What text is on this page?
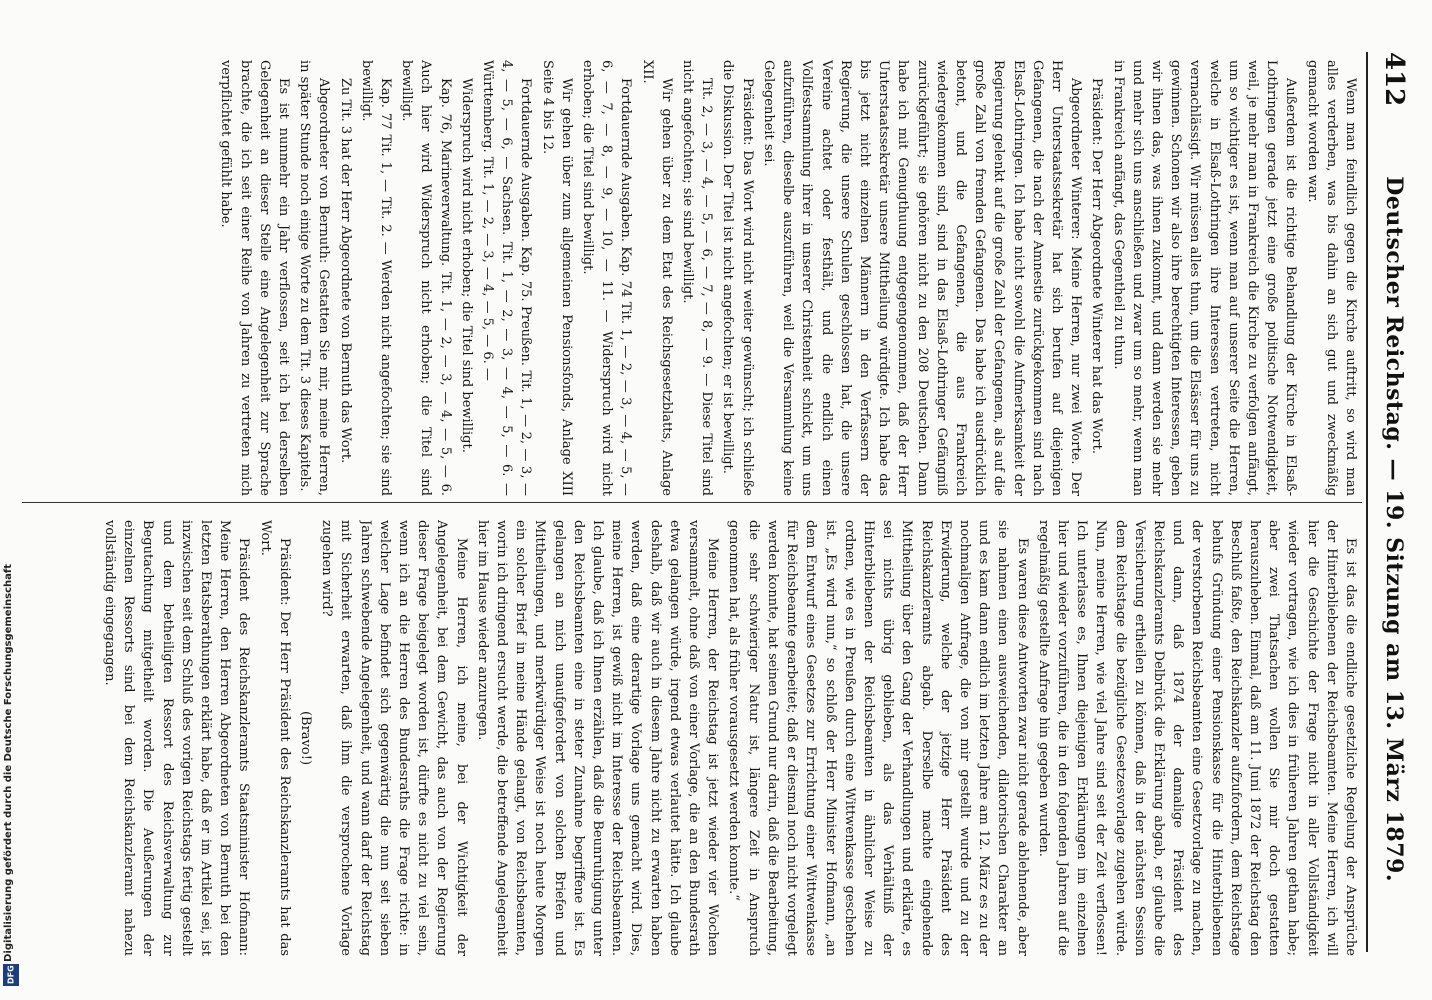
412
Deutscher Reichstag. — 19. Sitzung am 13. März 1879.

Wenn man feindlich gegen die Kirche auftritt, so wird man alles verderben, was bis dahin an sich gut und zweckmäßig gemacht worden war.

Außerdem ist die richtige Behandlung der Kirche in Elsaß-Lothringen gerade jetzt eine große politische Notwendigkeit, weil, je mehr man in Frankreich die Kirche zu verfolgen anfängt, um so wichtiger es ist, wenn man auf unserer Seite die Herren, welche in Elsaß-Lothringen ihre Interessen vertreten, nicht vernachlässigt. Wir müssen alles thun, um die Elsässer für uns zu gewinnen. Schonen wir also ihre berechtigten Interessen, geben wir ihnen das, was ihnen zukommt, und dann werden sie mehr und mehr sich uns anschließen und zwar um so mehr, wenn man in Frankreich anfängt, das Gegentheil zu thun.

Präsident: Der Herr Abgeordnete Winterer hat das Wort.

Abgeordneter Winterer: Meine Herren, nur zwei Worte. Der Herr Unterstaatssekretär hat sich berufen auf diejenigen Gefangenen, die nach der Amnestie zurückgekommen sind nach Elsaß-Lothringen. Ich habe nicht sowohl die Aufmerksamkeit der Regierung gelenkt auf die große Zahl der Gefangenen, als auf die große Zahl von fremden Gefangenen. Das habe ich ausdrücklich betont, und die Gefangenen, die aus Frankreich wiedergekommen sind, sind in das Elsaß-Lothringer Gefängniß zurückgeführt; sie gehören nicht zu den 208 Deutschen. Dann habe ich mit Genugthuung entgegengenommen, daß der Herr Unterstaatssekretär unsere Mittheilung würdigte. Ich habe das bis jetzt nicht einzelnen Männern in den Verfassern der Regierung, die unsere Schulen geschlossen hat, die unsere Vereine achtet oder festhält, und die endlich einen Vollfestsammlung ihrer in unserer Christenheit schickt, um uns aufzuführen, dieselbe auszuführen, weil die Versammlung keine Gelegenheit sei.

Präsident: Das Wort wird nicht weiter gewünscht; ich schließe die Diskussion. Der Titel ist nicht angefochten; er ist bewilligt.

Tit. 2, — 3, — 4, — 5, — 6, — 7, — 8, — 9. — Diese Titel sind nicht angefochten; sie sind bewilligt.

Wir gehen über zu dem Etat des Reichsgesetzblatts, Anlage XII.

Fortdauernde Ausgaben. Kap. 74 Tit. 1, — 2, — 3, — 4, — 5, — 6, — 7, — 8, — 9, — 10, — 11. — Widerspruch wird nicht erhoben; die Titel sind bewilligt.

Wir gehen über zum allgemeinen Pensionsfonds, Anlage XIII Seite 4 bis 12.

Fortdauernde Ausgaben. Kap. 75. Preußen. Tit. 1, — 2, — 3, — 4, — 5, — 6, — Sachsen. Tit. 1, — 2, — 3, — 4, — 5, — 6. — Württemberg. Tit. 1, — 2, — 3, — 4, — 5, — 6. —

Widerspruch wird nicht erhoben; die Titel sind bewilligt.

Kap. 76, Marineverwaltung. Tit. 1, — 2, — 3, — 4, — 5, — 6. Auch hier wird Widerspruch nicht erhoben; die Titel sind bewilligt.

Kap. 77 Tit. 1, — Tit. 2. — Werden nicht angefochten; sie sind bewilligt.

Zu Tit. 3 hat der Herr Abgeordnete von Bernuth das Wort.

Abgeordneter von Bernuth: Gestatten Sie mir, meine Herren, in später Stunde noch einige Worte zu dem Tit. 3 dieses Kapitels.

Es ist nunmehr ein Jahr verflossen, seit ich bei derselben Gelegenheit an dieser Stelle eine Angelegenheit zur Sprache brachte, die ich seit einer Reihe von Jahren zu vertreten mich verpflichtet gefühlt habe.

Es ist das die endliche gesetzliche Regelung der Ansprüche der Hinterbliebenen der Reichsbeamten. Meine Herren, ich will hier die Geschichte der Frage nicht in aller Vollständigkeit wieder vortragen, wie ich dies in früheren Jahren gethan habe; aber zwei Thatsachen wollen Sie mir doch gestatten herauszuheben. Einmal, daß am 11. Juni 1872 der Reichstag den Beschluß faßte, den Reichskanzler aufzufordern, dem Reichstage behufs Gründung einer Pensionskasse für die Hinterbliebenen der verstorbenen Reichsbeamten eine Gesetzvorlage zu machen, und dann, daß 1874 der damalige Präsident des Reichskanzleramts Delbrück die Erklärung abgab, er glaube die Versicherung ertheilen zu können, daß in der nächsten Session dem Reichstage die bezügliche Gesetzesvorlage zugehen würde. Nun, meine Herren, wie viel Jahre sind seit der Zeit verflossen! Ich unterlasse es, Ihnen diejenigen Erklärungen im einzelnen hier und wieder vorzuführen, die in den folgenden Jahren auf die regelmäßig gestellte Anfrage hin gegeben wurden.

Es waren diese Antworten zwar nicht gerade ablehnende, aber sie nahmen einen ausweichenden, dilatorischen Charakter an und es kam dann endlich im letzten Jahre am 12. März es zu der nochmaligen Anfrage, die von mir gestellt wurde und zu der Erwiderung, welche der jetzige Herr Präsident des Reichskanzleramts abgab. Derselbe machte eingehende Mittheilung über den Gang der Verhandlungen und erklärte, es sei nichts übrig geblieben, als das Verhältniß der Hinterbliebenen der Reichsbeamten in ähnlicher Weise zu ordnen, wie es in Preußen durch eine Wittwenkasse geschehen ist. „Es wird nun,“ so schloß der Herr Minister Hofmann, „an dem Entwurf eines Gesetzes zur Errichtung einer Wittwenkasse für Reichsbeamte gearbeitet; daß er diesmal noch nicht vorgelegt werden konnte, hat seinen Grund nur darin, daß die Bearbeitung, die sehr schwieriger Natur ist, längere Zeit in Anspruch genommen hat, als früher vorausgesetzt werden konnte.“

Meine Herren, der Reichstag ist jetzt wieder vier Wochen versammelt, ohne daß von einer Vorlage, die an den Bundesrath etwa gelangen würde, irgend etwas verlautet hätte. Ich glaube deshalb, daß wir auch in diesem Jahre nicht zu erwarten haben werden, daß eine derartige Vorlage uns gemacht wird. Dies, meine Herren, ist gewiß nicht im Interesse der Reichsbeamten. Ich glaube, daß ich Ihnen erzählen, daß die Beunruhigung unter den Reichsbeamten eine in steter Zunahme begriffene ist. Es gelangen an mich unaufgefordert von solchen Briefen und Mittheilungen, und merkwürdiger Weise ist noch heute Morgen ein solcher Brief in meine Hände gelangt, von Reichsbeamten, worin ich dringend ersucht werde, die betreffende Angelegenheit hier im Hause wieder anzuregen.

Meine Herren, ich meine, bei der Wichtigkeit der Angelegenheit, bei dem Gewicht, das auch von der Regierung dieser Frage beigelegt worden ist, dürfte es nicht zu viel sein, wenn ich an die Herren des Bundesraths die Frage richte: in welcher Lage befindet sich gegenwärtig die nun seit sieben Jahren schwebende Angelegenheit, und wann darf der Reichstag mit Sicherheit erwarten, daß ihm die versprochene Vorlage zugehen wird?

(Bravo!)

Präsident: Der Herr Präsident des Reichskanzleramts hat das Wort.

Präsident des Reichskanzleramts Staatsminister Hofmann: Meine Herren, den Herren Abgeordneten von Bernuth bei den letzten Etatsberathungen erklärt habe, daß er im Artikel sei, ist inzwischen seit dem Schluß des vorigen Reichstags fertig gestellt und dem betheiligten Ressort des Reichsverwaltung zur Begutachtung mitgetheilt worden. Die Aeußerungen der einzelnen Ressorts sind bei dem Reichskanzleramt nahezu vollständig eingegangen.

Digitalisierung gefördert durch die Deutsche Forschungsgemeinschaft
DFG
